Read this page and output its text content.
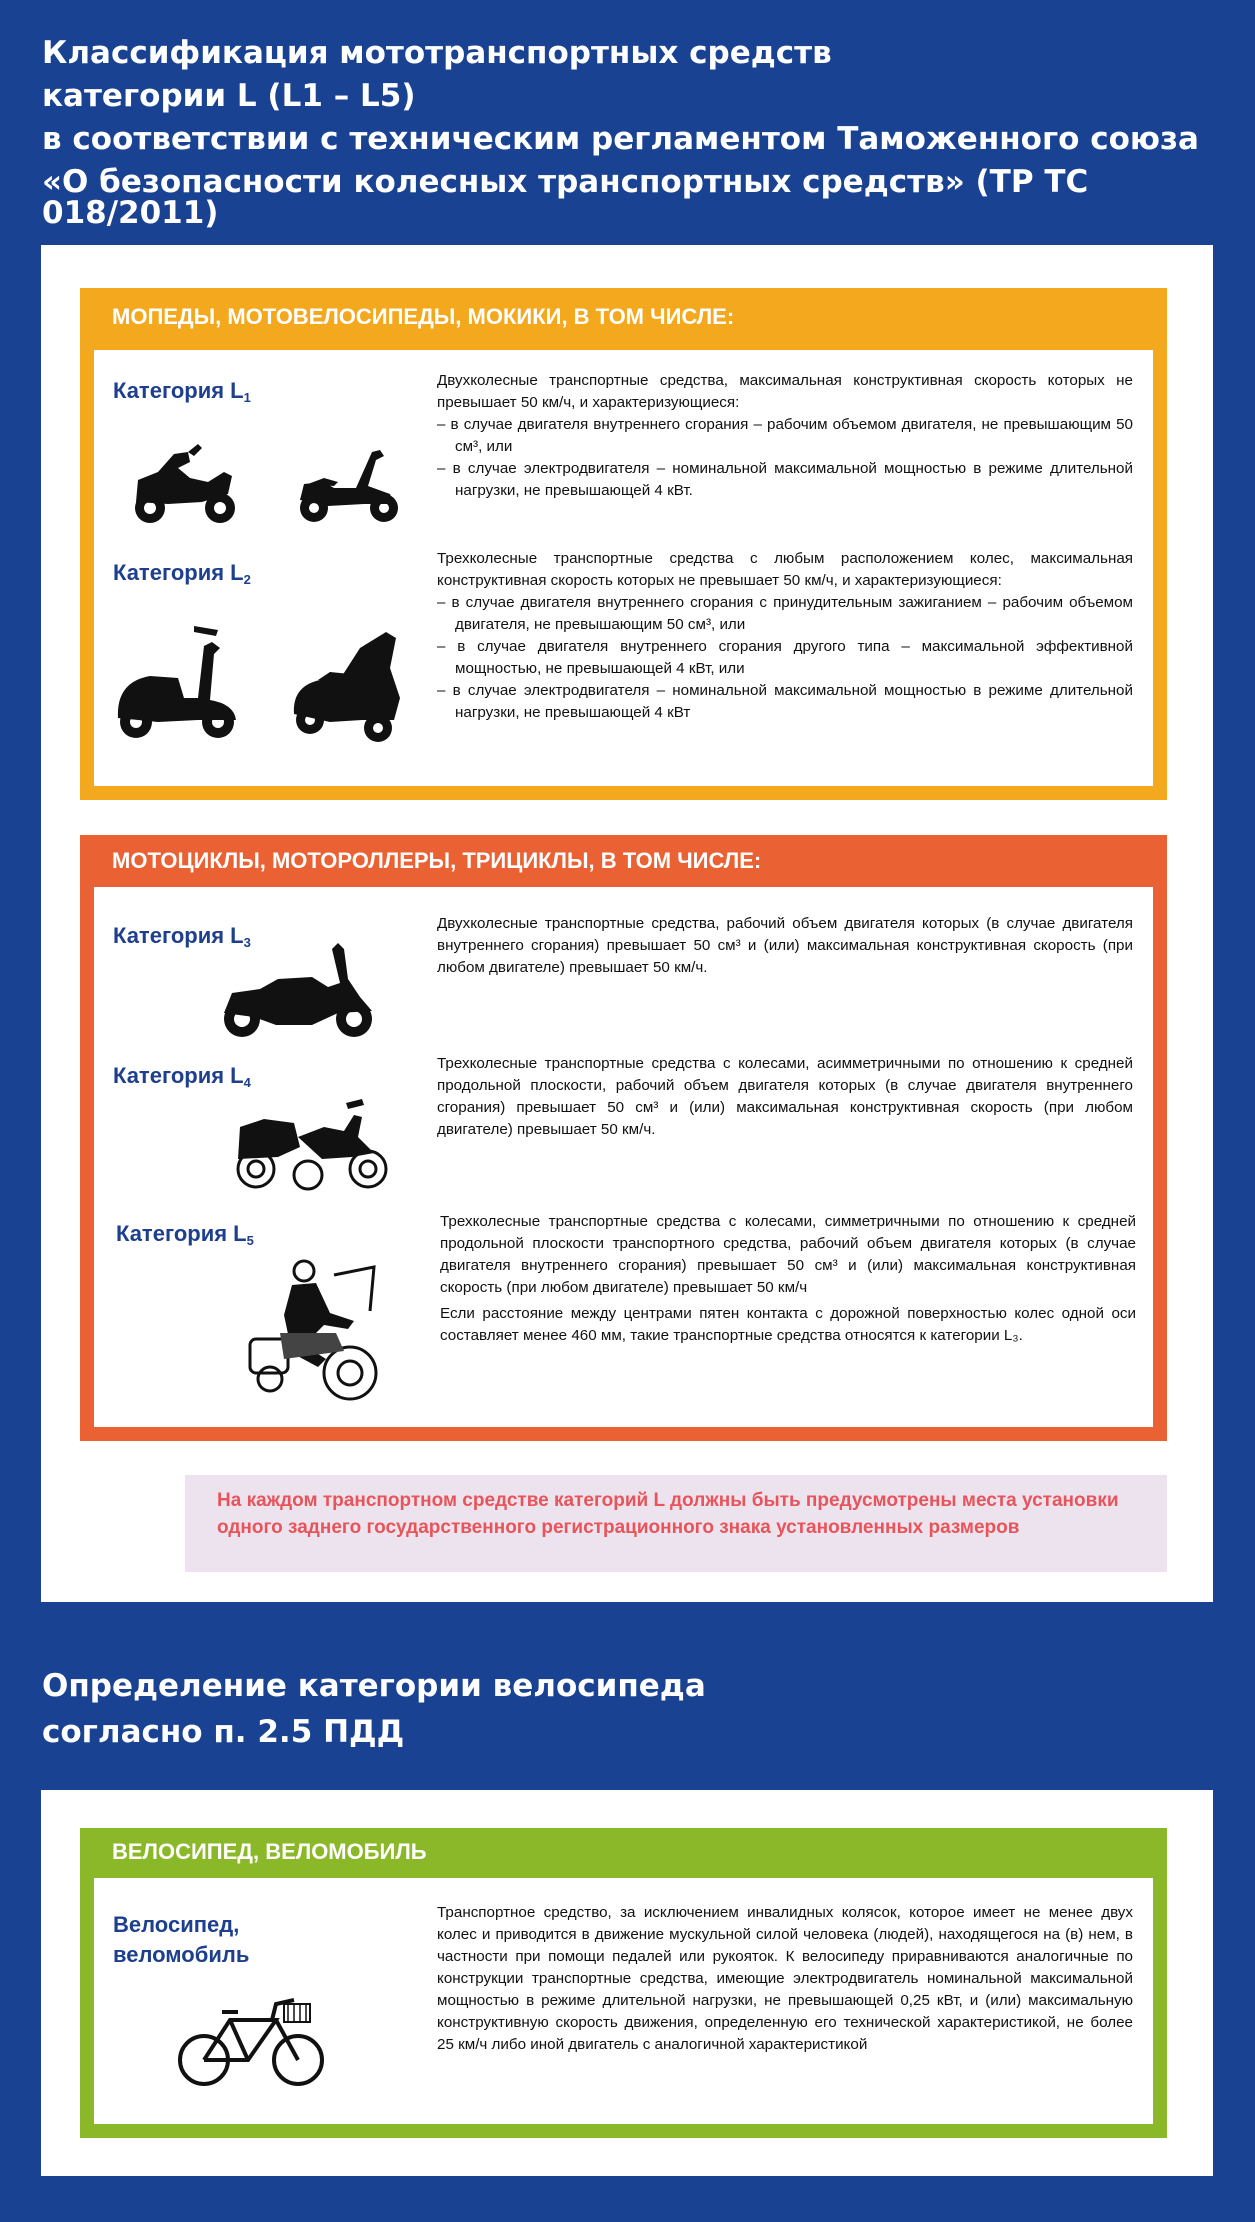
Классификация мототранспортных средств
категории L (L1 – L5)
в соответствии с техническим регламентом Таможенного союза
«О безопасности колесных транспортных средств» (ТР ТС 018/2011)
МОПЕДЫ, МОТОВЕЛОСИПЕДЫ, МОКИКИ, В ТОМ ЧИСЛЕ:
Категория $L_1$

Двухколесные транспортные средства, максимальная конструктивная скорость которых не превышает 50 км/ч, и характеризующиеся:

– в случае двигателя внутреннего сгорания – рабочим объемом двигателя, не превышающим 50 см³, или

– в случае электродвигателя – номинальной максимальной мощностью в режиме длительной нагрузки, не превышающей 4 кВт.

Категория $L_2$

Трехколесные транспортные средства с любым расположением колес, максимальная конструктивная скорость которых не превышает 50 км/ч, и характеризующиеся:

– в случае двигателя внутреннего сгорания с принудительным зажиганием – рабочим объемом двигателя, не превышающим 50 см³, или

– в случае двигателя внутреннего сгорания другого типа – максимальной эффективной мощностью, не превышающей 4 кВт, или

– в случае электродвигателя – номинальной максимальной мощностью в режиме длительной нагрузки, не превышающей 4 кВт

МОТОЦИКЛЫ, МОТОРОЛЛЕРЫ, ТРИЦИКЛЫ, В ТОМ ЧИСЛЕ:
Категория $L_3$

Двухколесные транспортные средства, рабочий объем двигателя которых (в случае двигателя внутреннего сгорания) превышает 50 см³ и (или) максимальная конструктивная скорость (при любом двигателе) превышает 50 км/ч.

Категория $L_4$

Трехколесные транспортные средства с колесами, асимметричными по отношению к средней продольной плоскости, рабочий объем двигателя которых (в случае двигателя внутреннего сгорания) превышает 50 см³ и (или) максимальная конструктивная скорость (при любом двигателе) превышает 50 км/ч.

Категория $L_5$

Трехколесные транспортные средства с колесами, симметричными по отношению к средней продольной плоскости транспортного средства, рабочий объем двигателя которых (в случае двигателя внутреннего сгорания) превышает 50 см³ и (или) максимальная конструктивная скорость (при любом двигателе) превышает 50 км/ч

Если расстояние между центрами пятен контакта с дорожной поверхностью колес одной оси составляет менее 460 мм, такие транспортные средства относятся к категории L₃.

На каждом транспортном средстве категорий L должны быть предусмотрены места установки
одного заднего государственного регистрационного знака установленных размеров
Определение категории велосипеда
согласно п. 2.5 ПДД
ВЕЛОСИПЕД, ВЕЛОМОБИЛЬ
Велосипед,
веломобиль
Транспортное средство, за исключением инвалидных колясок, которое имеет не менее двух колес и приводится в движение мускульной силой человека (людей), находящегося на (в) нем, в частности при помощи педалей или рукояток. К велосипеду приравниваются аналогичные по конструкции транспортные средства, имеющие электродвигатель номинальной максимальной мощностью в режиме длительной нагрузки, не превышающей 0,25 кВт, и (или) максимальную конструктивную скорость движения, определенную его технической характеристикой, не более 25 км/ч либо иной двигатель с аналогичной характеристикой
